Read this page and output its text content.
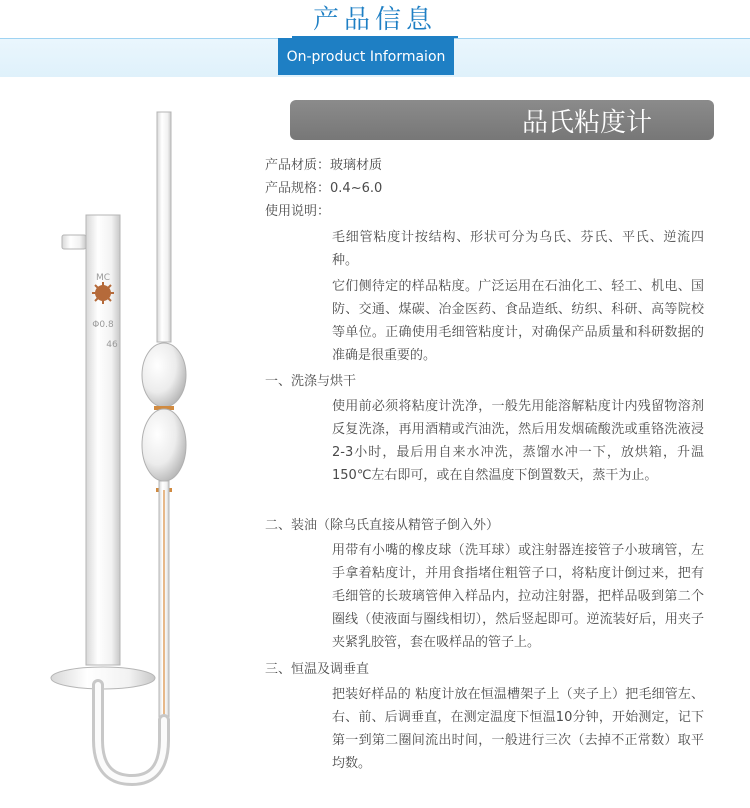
产品信息
On-product Informaion
品氏粘度计
MC
Φ0.8
46
产品材质：玻璃材质
产品规格：0.4~6.0
使用说明：
毛细管粘度计按结构、形状可分为乌氏、芬氏、平氏、逆流四种。
它们侧待定的样品粘度。广泛运用在石油化工、轻工、机电、国防、交通、煤碳、冶金医药、食品造纸、纺织、科研、高等院校等单位。正确使用毛细管粘度计，对确保产品质量和科研数据的准确是很重要的。
一、洗涤与烘干
使用前必须将粘度计洗净，一般先用能溶解粘度计内残留物溶剂反复洗涤，再用酒精或汽油洗，然后用发烟硫酸洗或重铬洗液浸2-3小时，最后用自来水冲洗，蒸馏水冲一下，放烘箱，升温150℃左右即可，或在自然温度下倒置数天，蒸干为止。
二、装油（除乌氏直接从精管子倒入外）
用带有小嘴的橡皮球（洗耳球）或注射器连接管子小玻璃管，左手拿着粘度计，并用食指堵住粗管子口，将粘度计倒过来，把有毛细管的长玻璃管伸入样品内，拉动注射器，把样品吸到第二个圈线（使液面与圈线相切），然后竖起即可。逆流装好后，用夹子夹紧乳胶管，套在吸样品的管子上。
三、恒温及调垂直
把装好样品的 粘度计放在恒温槽架子上（夹子上）把毛细管左、右、前、后调垂直，在测定温度下恒温10分钟，开始测定，记下第一到第二圈间流出时间，一般进行三次（去掉不正常数）取平均数。
